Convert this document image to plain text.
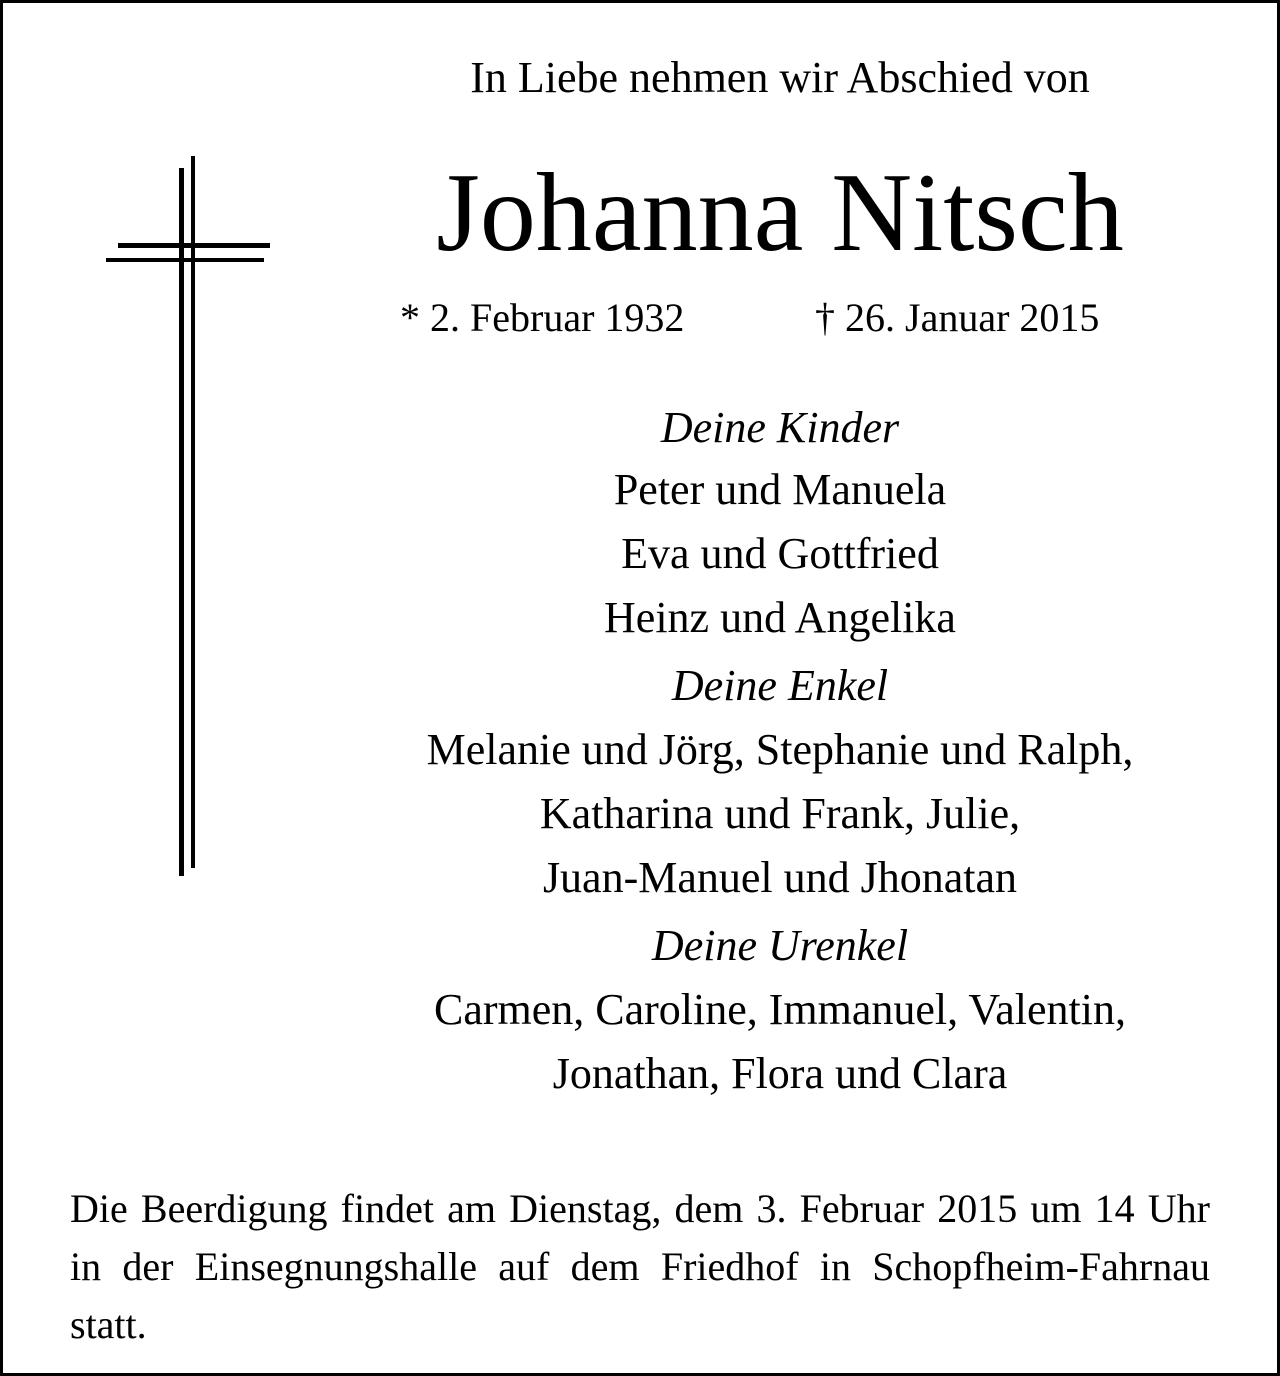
In Liebe nehmen wir Abschied von

Johanna Nitsch

* 2. Februar 1932	† 26. Januar 2015

Deine Kinder

Peter und Manuela

Eva und Gottfried

Heinz und Angelika

Deine Enkel

Melanie und Jörg, Stephanie und Ralph,

Katharina und Frank, Julie,

Juan-Manuel und Jhonatan

Deine Urenkel

Carmen, Caroline, Immanuel, Valentin,

Jonathan, Flora und Clara

Die Beerdigung findet am Dienstag, dem 3. Februar 2015 um 14 Uhr in der Einsegnungshalle auf dem Friedhof in Schopfheim-Fahrnau statt.
